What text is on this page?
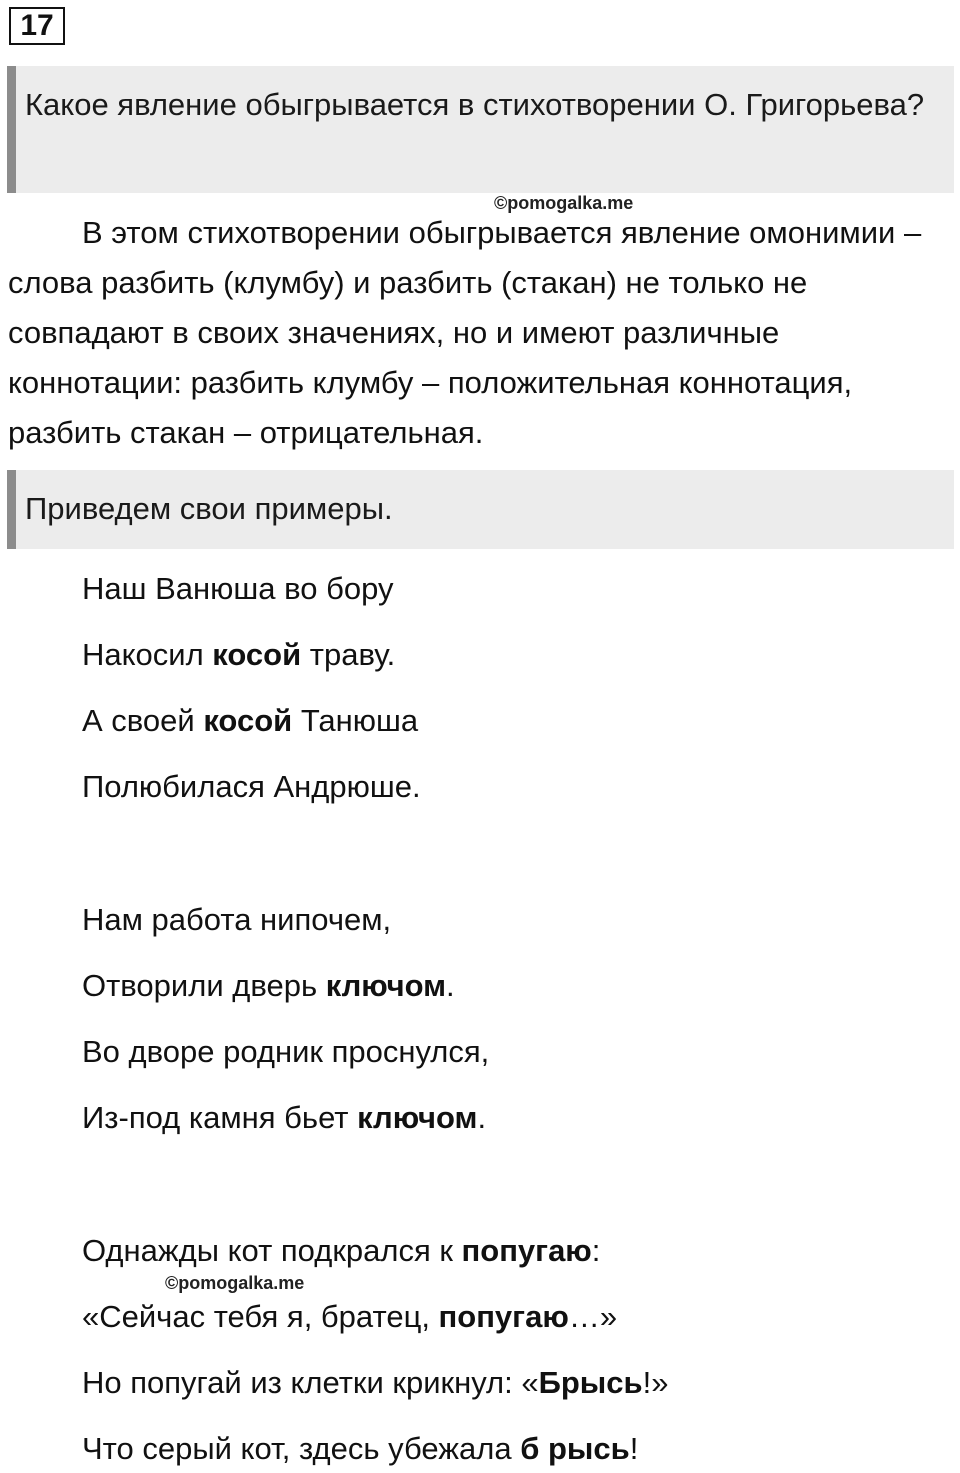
17
Какое явление обыгрывается в стихотворении О. Григорьева?
©pomogalka.me

В этом стихотворении обыгрывается явление омонимии – слова разбить (клумбу) и разбить (стакан) не только не совпадают в своих значениях, но и имеют различные коннотации: разбить клумбу – положительная коннотация, разбить стакан – отрицательная.

Приведем свои примеры.
Наш Ванюша во бору
Накосил косой траву.
А своей косой Танюша
Полюбилася Андрюше.
Нам работа нипочем,
Отворили дверь ключом.
Во дворе родник проснулся,
Из-под камня бьет ключом.
Однажды кот подкрался к попугаю:
©pomogalka.me
«Сейчас тебя я, братец, попугаю…»
Но попугай из клетки крикнул: «Брысь!»
Что серый кот, здесь убежала б рысь!
